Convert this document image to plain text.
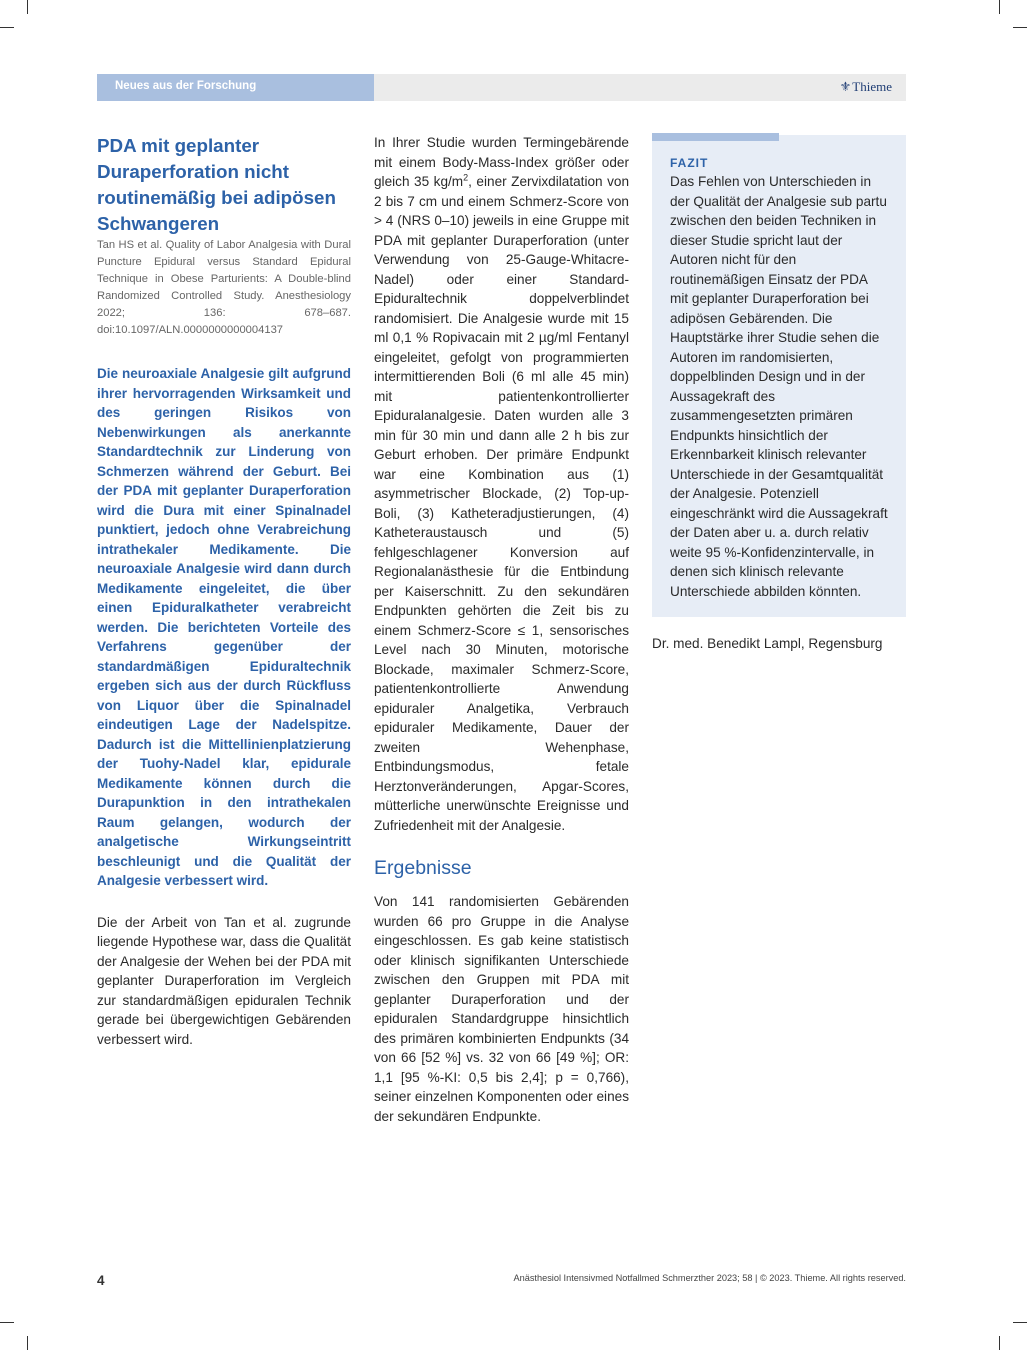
Neues aus der Forschung	⚜Thieme
PDA mit geplanter Duraperforation nicht routinemäßig bei adipösen Schwangeren

Tan HS et al. Quality of Labor Analgesia with Dural Puncture Epidural versus Standard Epidural Technique in Obese Parturients: A Double-blind Randomized Controlled Study. Anesthesiology 2022; 136: 678–687. doi:10.1097/ALN.0000000000004137

Die neuroaxiale Analgesie gilt aufgrund ihrer hervorragenden Wirksamkeit und des geringen Risikos von Nebenwirkungen als anerkannte Standardtechnik zur Linderung von Schmerzen während der Geburt. Bei der PDA mit geplanter Duraperforation wird die Dura mit einer Spinalnadel punktiert, jedoch ohne Verabreichung intrathekaler Medikamente. Die neuroaxiale Analgesie wird dann durch Medikamente eingeleitet, die über einen Epiduralkatheter verabreicht werden. Die berichteten Vorteile des Verfahrens gegenüber der standardmäßigen Epiduraltechnik ergeben sich aus der durch Rückfluss von Liquor über die Spinalnadel eindeutigen Lage der Nadelspitze. Dadurch ist die Mittellinienplatzierung der Tuohy-Nadel klar, epidurale Medikamente können durch die Durapunktion in den intrathekalen Raum gelangen, wodurch der analgetische Wirkungseintritt beschleunigt und die Qualität der Analgesie verbessert wird.

Die der Arbeit von Tan et al. zugrunde liegende Hypothese war, dass die Qualität der Analgesie der Wehen bei der PDA mit geplanter Duraperforation im Vergleich zur standardmäßigen epiduralen Technik gerade bei übergewichtigen Gebärenden verbessert wird.

In Ihrer Studie wurden Termingebärende mit einem Body-Mass-Index größer oder gleich 35 $kg/m^2$, einer Zervixdilatation von 2 bis 7 cm und einem Schmerz-Score von > 4 (NRS 0–10) jeweils in eine Gruppe mit PDA mit geplanter Duraperforation (unter Verwendung von 25-Gauge-Whitacre-Nadel) oder einer Standard-Epiduraltechnik doppelverblindet randomisiert. Die Analgesie wurde mit 15 ml 0,1 % Ropivacain mit 2 µg/ml Fentanyl eingeleitet, gefolgt von programmierten intermittierenden Boli (6 ml alle 45 min) mit patientenkontrollierter Epiduralanalgesie. Daten wurden alle 3 min für 30 min und dann alle 2 h bis zur Geburt erhoben. Der primäre Endpunkt war eine Kombination aus (1) asymmetrischer Blockade, (2) Top-up-Boli, (3) Katheteradjustierungen, (4) Katheteraustausch und (5) fehlgeschlagener Konversion auf Regionalanästhesie für die Entbindung per Kaiserschnitt. Zu den sekundären Endpunkten gehörten die Zeit bis zu einem Schmerz-Score ≤ 1, sensorisches Level nach 30 Minuten, motorische Blockade, maximaler Schmerz-Score, patientenkontrollierte Anwendung epiduraler Analgetika, Verbrauch epiduraler Medikamente, Dauer der zweiten Wehenphase, Entbindungsmodus, fetale Herztonveränderungen, Apgar-Scores, mütterliche unerwünschte Ereignisse und Zufriedenheit mit der Analgesie.

Ergebnisse

Von 141 randomisierten Gebärenden wurden 66 pro Gruppe in die Analyse eingeschlossen. Es gab keine statistisch oder klinisch signifikanten Unterschiede zwischen den Gruppen mit PDA mit geplanter Duraperforation und der epiduralen Standardgruppe hinsichtlich des primären kombinierten Endpunkts (34 von 66 [52 %] vs. 32 von 66 [49 %]; OR: 1,1 [95 %-KI: 0,5 bis 2,4]; p = 0,766), seiner einzelnen Komponenten oder eines der sekundären Endpunkte.

FAZIT

Das Fehlen von Unterschieden in der Qualität der Analgesie sub partu zwischen den beiden Techniken in dieser Studie spricht laut der Autoren nicht für den routinemäßigen Einsatz der PDA mit geplanter Duraperforation bei adipösen Gebärenden. Die Hauptstärke ihrer Studie sehen die Autoren im randomisierten, doppelblinden Design und in der Aussagekraft des zusammengesetzten primären Endpunkts hinsichtlich der Erkennbarkeit klinisch relevanter Unterschiede in der Gesamtqualität der Analgesie. Potenziell eingeschränkt wird die Aussagekraft der Daten aber u. a. durch relativ weite 95 %-Konfidenzintervalle, in denen sich klinisch relevante Unterschiede abbilden könnten.

Dr. med. Benedikt Lampl, Regensburg

4	Anästhesiol Intensivmed Notfallmed Schmerzther 2023; 58 | © 2023. Thieme. All rights reserved.
